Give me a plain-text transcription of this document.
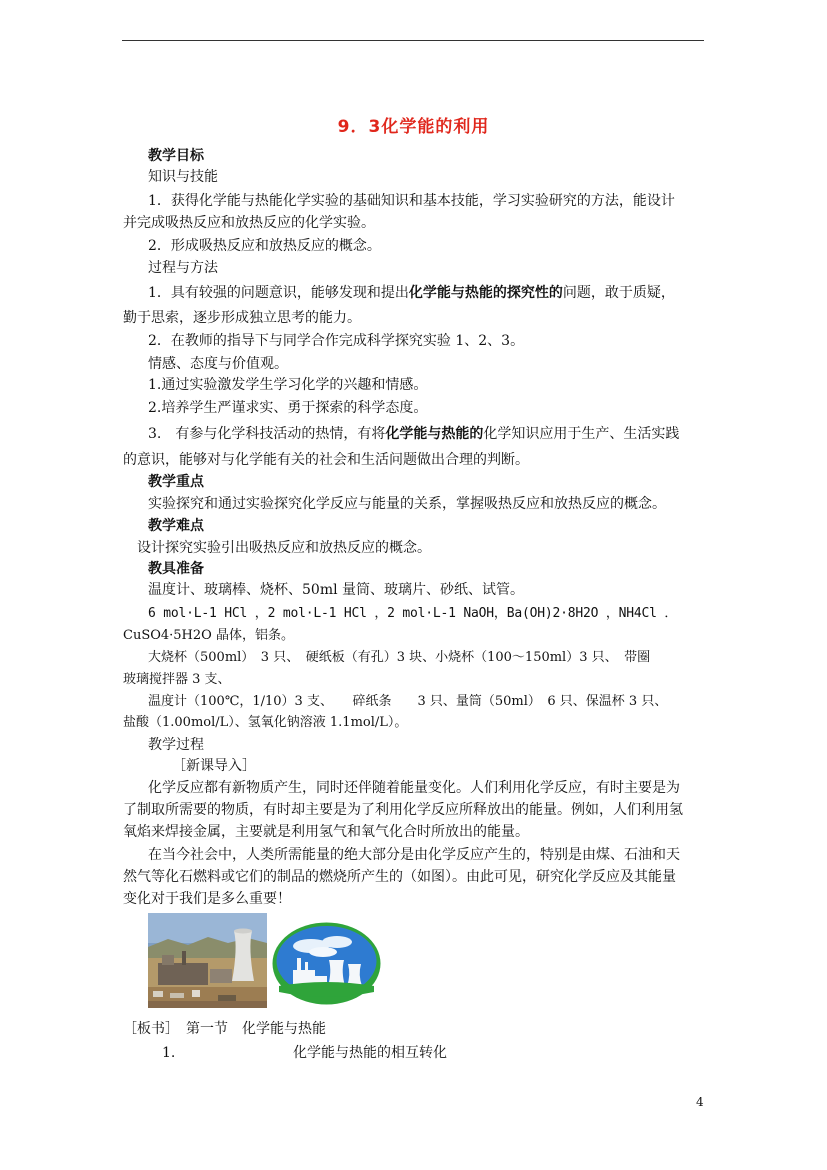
9．3化学能的利用
教学目标
知识与技能
1．获得化学能与热能化学实验的基础知识和基本技能，学习实验研究的方法，能设计
并完成吸热反应和放热反应的化学实验。
2．形成吸热反应和放热反应的概念。
过程与方法
1．具有较强的问题意识，能够发现和提出化学能与热能的探究性的问题，敢于质疑，
勤于思索，逐步形成独立思考的能力。
2．在教师的指导下与同学合作完成科学探究实验 1、2、3。
情感、态度与价值观。
1.通过实验激发学生学习化学的兴趣和情感。
2.培养学生严谨求实、勇于探索的科学态度。
3.　有参与化学科技活动的热情，有将化学能与热能的化学知识应用于生产、生活实践
的意识，能够对与化学能有关的社会和生活问题做出合理的判断。
教学重点
实验探究和通过实验探究化学反应与能量的关系，掌握吸热反应和放热反应的概念。
教学难点
设计探究实验引出吸热反应和放热反应的概念。
教具准备
温度计、玻璃棒、烧杯、50ml 量筒、玻璃片、砂纸、试管。
6 mol·L-1 HCl ，2 mol·L-1 HCl ，2 mol·L-1 NaOH，Ba(OH)2·8H2O ，NH4Cl ．
CuSO4·5H2O 晶体，铝条。
大烧杯（500ml）　3 只、　硬纸板（有孔）3 块、小烧杯（100～150ml）3 只、　带圈
玻璃搅拌器 3 支、
温度计（100℃，1/10）3 支、　　碎纸条　　3 只、量筒（50ml）　6 只、保温杯 3 只、
盐酸（1.00mol/L）、氢氧化钠溶液 1.1mol/L）。
教学过程
［新课导入］
化学反应都有新物质产生，同时还伴随着能量变化。人们利用化学反应，有时主要是为
了制取所需要的物质，有时却主要是为了利用化学反应所释放出的能量。例如，人们利用氢
氧焰来焊接金属，主要就是利用氢气和氧气化合时所放出的能量。
在当今社会中，人类所需能量的绝大部分是由化学反应产生的，特别是由煤、石油和天
然气等化石燃料或它们的制品的燃烧所产生的（如图）。由此可见，研究化学反应及其能量
变化对于我们是多么重要！
［板书］　第一节　化学能与热能
1.	化学能与热能的相互转化
4
